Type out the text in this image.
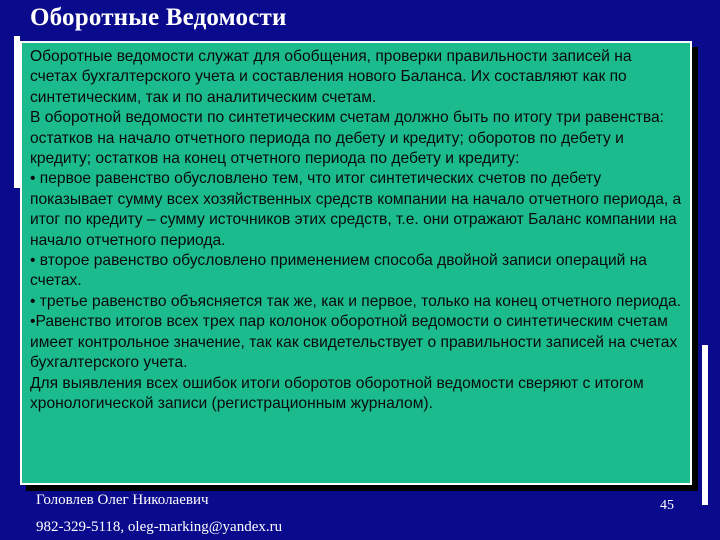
Оборотные Ведомости

Оборотные ведомости служат для обобщения, проверки правильности записей на счетах бухгалтерского учета и составления нового Баланса. Их составляют как по синтетическим, так и по аналитическим счетам.

В оборотной ведомости по синтетическим счетам должно быть по итогу три равенства: остатков на начало отчетного периода по дебету и кредиту; оборотов по дебету и кредиту; остатков на конец отчетного периода по дебету и кредиту:

• первое равенство обусловлено тем, что итог синтетических счетов по дебету показывает сумму всех хозяйственных средств компании на начало отчетного периода, а итог по кредиту – сумму источников этих средств, т.е. они отражают Баланс компании на начало отчетного периода.

• второе равенство обусловлено применением способа двойной записи операций на счетах.

• третье равенство объясняется так же, как и первое, только на конец отчетного периода.

•Равенство итогов всех трех пар колонок оборотной ведомости о синтетическим счетам имеет контрольное значение, так как свидетельствует о правильности записей на счетах бухгалтерского учета.

Для выявления всех ошибок итоги оборотов оборотной ведомости сверяют с итогом хронологической записи (регистрационным журналом).

Головлев Олег Николаевич
982-329-5118, oleg-marking@yandex.ru
45
